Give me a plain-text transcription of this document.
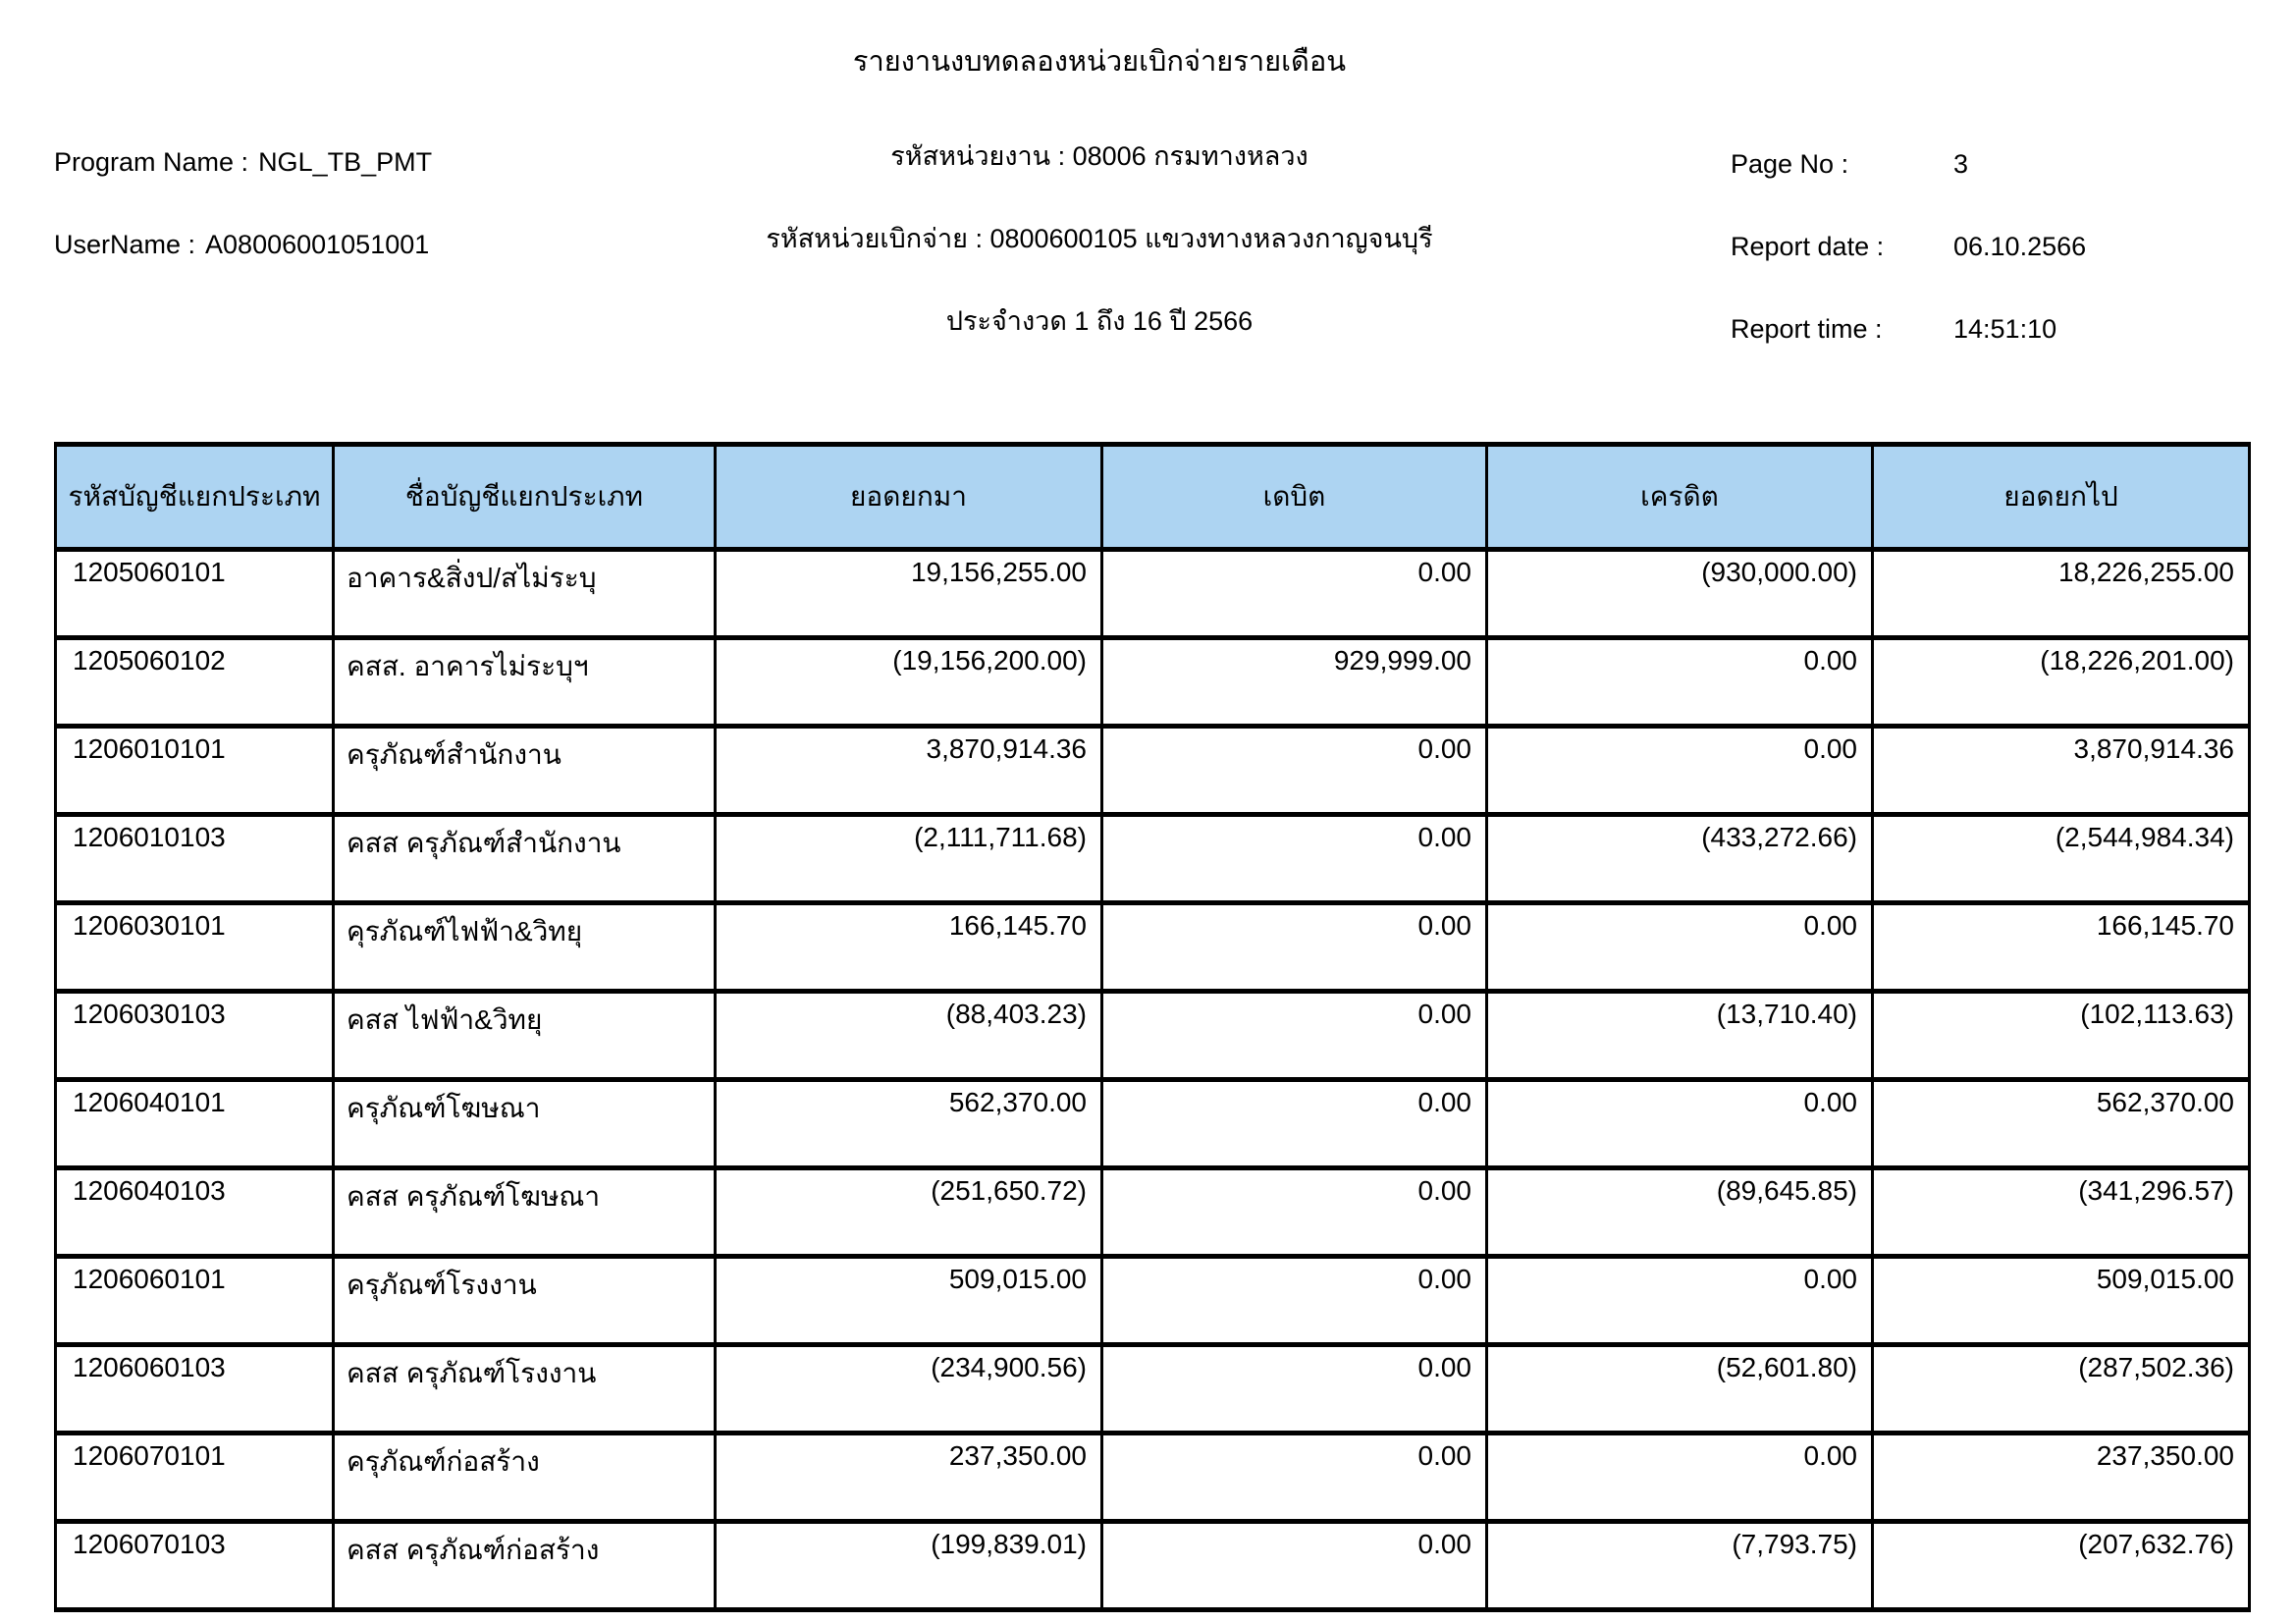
รายงานงบทดลองหน่วยเบิกจ่ายรายเดือน
Program Name : NGL_TB_PMT
UserName : A08006001051001
รหัสหน่วยงาน : 08006 กรมทางหลวง
รหัสหน่วยเบิกจ่าย : 0800600105 แขวงทางหลวงกาญจนบุรี
ประจำงวด 1 ถึง 16 ปี 2566
Page No :	3
Report date :	06.10.2566
Report time :	14:51:10
รหัสบัญชีแยกประเภท	ชื่อบัญชีแยกประเภท	ยอดยกมา	เดบิต	เครดิต	ยอดยกไป
1205060101	อาคาร&สิ่งป/สไม่ระบุ	19,156,255.00	0.00	(930,000.00)	18,226,255.00
1205060102	คสส. อาคารไม่ระบุฯ	(19,156,200.00)	929,999.00	0.00	(18,226,201.00)
1206010101	ครุภัณฑ์สำนักงาน	3,870,914.36	0.00	0.00	3,870,914.36
1206010103	คสส ครุภัณฑ์สำนักงาน	(2,111,711.68)	0.00	(433,272.66)	(2,544,984.34)
1206030101	คุรภัณฑ์ไฟฟ้า&วิทยุ	166,145.70	0.00	0.00	166,145.70
1206030103	คสส ไฟฟ้า&วิทยุ	(88,403.23)	0.00	(13,710.40)	(102,113.63)
1206040101	ครุภัณฑ์โฆษณา	562,370.00	0.00	0.00	562,370.00
1206040103	คสส ครุภัณฑ์โฆษณา	(251,650.72)	0.00	(89,645.85)	(341,296.57)
1206060101	ครุภัณฑ์โรงงาน	509,015.00	0.00	0.00	509,015.00
1206060103	คสส ครุภัณฑ์โรงงาน	(234,900.56)	0.00	(52,601.80)	(287,502.36)
1206070101	ครุภัณฑ์ก่อสร้าง	237,350.00	0.00	0.00	237,350.00
1206070103	คสส ครุภัณฑ์ก่อสร้าง	(199,839.01)	0.00	(7,793.75)	(207,632.76)
